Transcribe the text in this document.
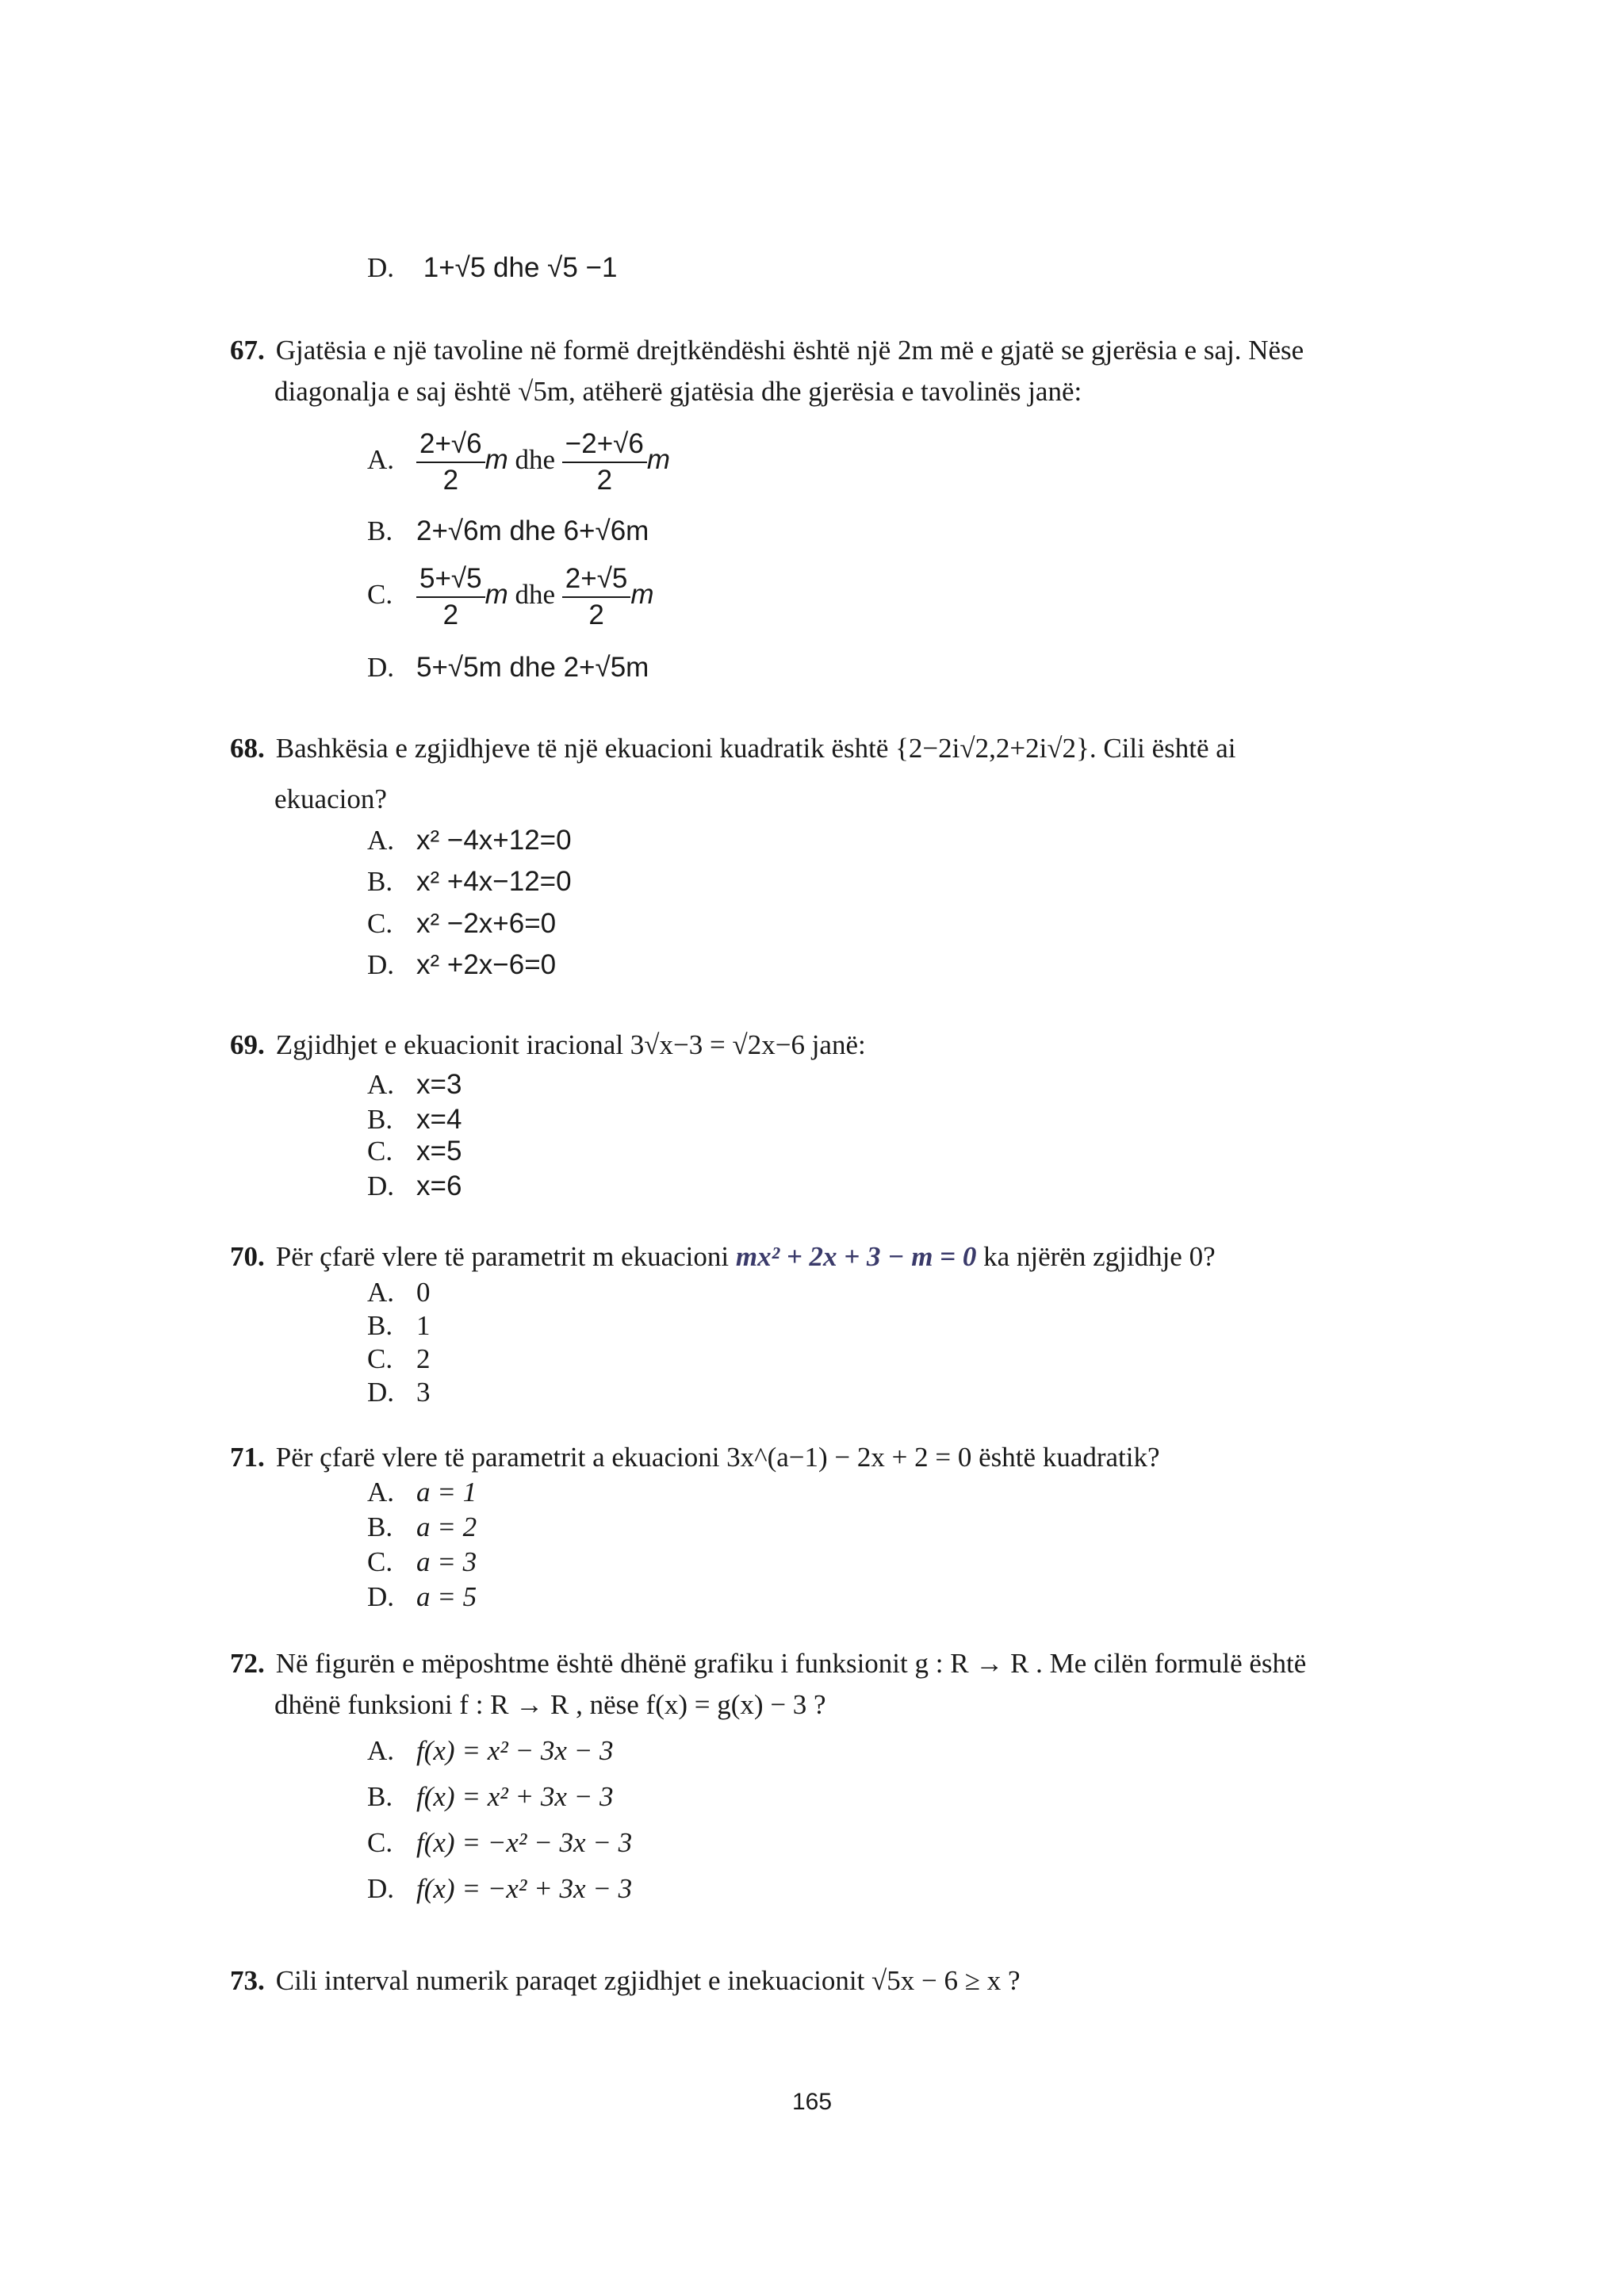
D. 1+√5 dhe √5 −1
67. Gjatësia e një tavoline në formë drejtkëndëshi është një 2m më e gjatë se gjerësia e saj. Nëse
diagonalja e saj është √5m, atëherë gjatësia dhe gjerësia e tavolinës janë:
A. $\frac{2+√6}{2}$ m dhe $\frac{-2+√6}{2}$ m
B. 2+√6m dhe 6+√6m
C. $\frac{5+√5}{2}$ m dhe $\frac{2+√5}{2}$ m
D. 5+√5m dhe 2+√5m
68. Bashkësia e zgjidhjeve të një ekuacioni kuadratik është {2−2i√2,2+2i√2}. Cili është ai
ekuacion?
A. x² −4x+12=0
B. x² +4x−12=0
C. x² −2x+6=0
D. x² +2x−6=0
69. Zgjidhjet e ekuacionit iracional 3√x−3 = √2x−6 janë:
A. x=3
B. x=4
C. x=5
D. x=6
70. Për çfarë vlere të parametrit m ekuacioni mx² + 2x + 3 − m = 0 ka njërën zgjidhje 0?
A. 0
B. 1
C. 2
D. 3
71. Për çfarë vlere të parametrit a ekuacioni 3x^(a−1) − 2x + 2 = 0 është kuadratik?
A. a = 1
B. a = 2
C. a = 3
D. a = 5
72. Në figurën e mëposhtme është dhënë grafiku i funksionit g : R → R . Me cilën formulë është
dhënë funksioni f : R → R , nëse f(x) = g(x) − 3 ?
A. f(x) = x² − 3x − 3
B. f(x) = x² + 3x − 3
C. f(x) = −x² − 3x − 3
D. f(x) = −x² + 3x − 3
73. Cili interval numerik paraqet zgjidhjet e inekuacionit √5x − 6 ≥ x ?
165
